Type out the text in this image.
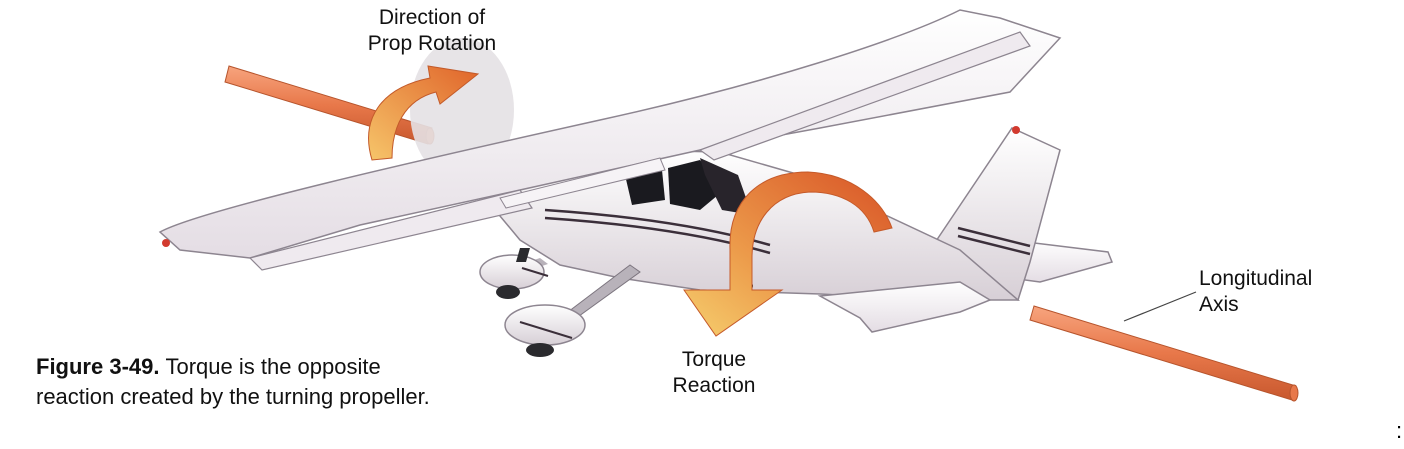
Direction of
Prop Rotation
Torque
Reaction
Longitudinal
Axis
Figure 3-49. Torque is the opposite
reaction created by the turning propeller.
:
